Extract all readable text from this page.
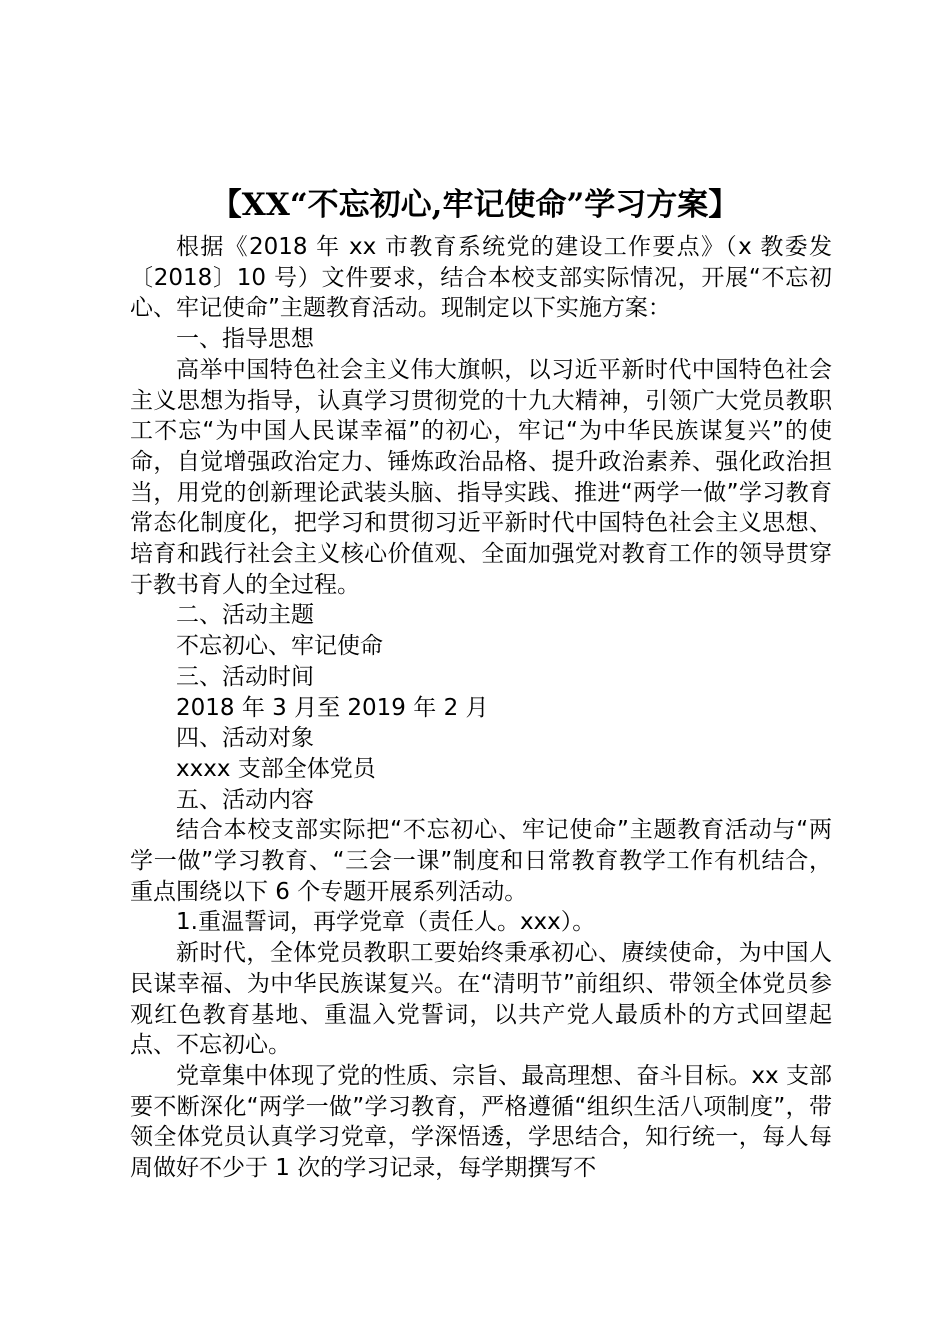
【XX“不忘初心,牢记使命”学习方案】

根据《2018 年 xx 市教育系统党的建设工作要点》（x 教委发〔2018〕10 号）文件要求，结合本校支部实际情况，开展“不忘初心、牢记使命”主题教育活动。现制定以下实施方案：

一、指导思想

高举中国特色社会主义伟大旗帜，以习近平新时代中国特色社会主义思想为指导，认真学习贯彻党的十九大精神，引领广大党员教职工不忘“为中国人民谋幸福”的初心，牢记“为中华民族谋复兴”的使命，自觉增强政治定力、锤炼政治品格、提升政治素养、强化政治担当，用党的创新理论武装头脑、指导实践、推进“两学一做”学习教育常态化制度化，把学习和贯彻习近平新时代中国特色社会主义思想、培育和践行社会主义核心价值观、全面加强党对教育工作的领导贯穿于教书育人的全过程。

二、活动主题

不忘初心、牢记使命

三、活动时间

2018 年 3 月至 2019 年 2 月

四、活动对象

xxxx 支部全体党员

五、活动内容

结合本校支部实际把“不忘初心、牢记使命”主题教育活动与“两学一做”学习教育、“三会一课”制度和日常教育教学工作有机结合，重点围绕以下 6 个专题开展系列活动。

1.重温誓词，再学党章（责任人。xxx）。

新时代，全体党员教职工要始终秉承初心、赓续使命，为中国人民谋幸福、为中华民族谋复兴。在“清明节”前组织、带领全体党员参观红色教育基地、重温入党誓词，以共产党人最质朴的方式回望起点、不忘初心。

党章集中体现了党的性质、宗旨、最高理想、奋斗目标。xx 支部要不断深化“两学一做”学习教育，严格遵循“组织生活八项制度”，带领全体党员认真学习党章，学深悟透，学思结合，知行统一，每人每周做好不少于 1 次的学习记录，每学期撰写不
